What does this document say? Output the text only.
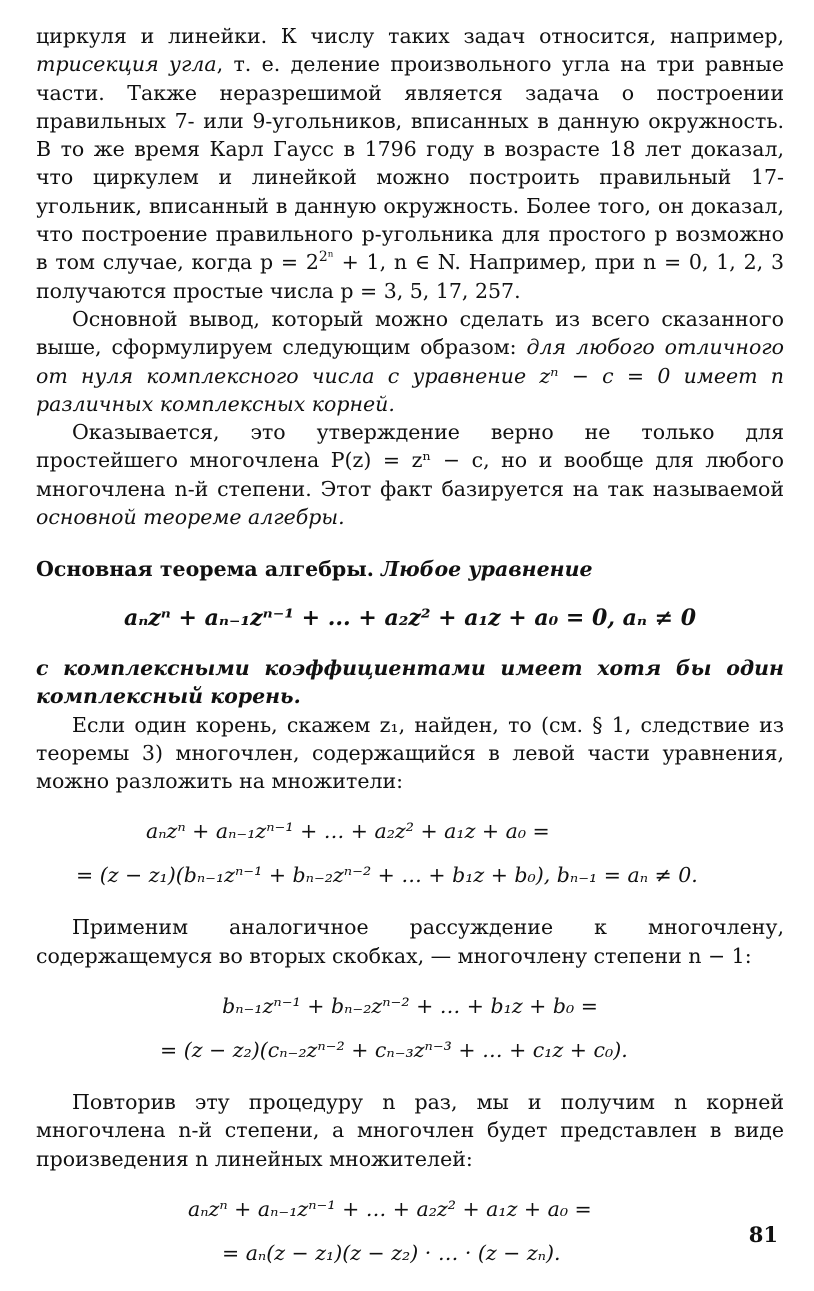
циркуля и линейки. К числу таких задач относится, например, трисекция угла, т. е. деление произвольного угла на три равные части. Также неразрешимой является задача о построении правильных 7- или 9-угольников, вписанных в данную окружность. В то же время Карл Гаусс в 1796 году в возрасте 18 лет доказал, что циркулем и линейкой можно построить правильный 17-угольник, вписанный в данную окружность. Более того, он доказал, что построение правильного p-угольника для простого p возможно в том случае, когда $p = 2^{2^n} + 1$, n ∈ N. Например, при n = 0, 1, 2, 3 получаются простые числа p = 3, 5, 17, 257.

Основной вывод, который можно сделать из всего сказанного выше, сформулируем следующим образом: для любого отличного от нуля комплексного числа с уравнение zⁿ − c = 0 имеет n различных комплексных корней.

Оказывается, это утверждение верно не только для простейшего многочлена P(z) = zⁿ − c, но и вообще для любого многочлена n-й степени. Этот факт базируется на так называемой основной теореме алгебры.

Основная теорема алгебры. Любое уравнение

aₙzⁿ + aₙ₋₁zⁿ⁻¹ + ... + a₂z² + a₁z + a₀ = 0, aₙ ≠ 0

с комплексными коэффициентами имеет хотя бы один комплексный корень.

Если один корень, скажем z₁, найден, то (см. § 1, следствие из теоремы 3) многочлен, содержащийся в левой части уравнения, можно разложить на множители:

aₙzⁿ + aₙ₋₁zⁿ⁻¹ + … + a₂z² + a₁z + a₀ =

= (z − z₁)(bₙ₋₁zⁿ⁻¹ + bₙ₋₂zⁿ⁻² + … + b₁z + b₀), bₙ₋₁ = aₙ ≠ 0.

Применим аналогичное рассуждение к многочлену, содержащемуся во вторых скобках, — многочлену степени n − 1:

bₙ₋₁zⁿ⁻¹ + bₙ₋₂zⁿ⁻² + … + b₁z + b₀ =

= (z − z₂)(cₙ₋₂zⁿ⁻² + cₙ₋₃zⁿ⁻³ + … + c₁z + c₀).

Повторив эту процедуру n раз, мы и получим n корней многочлена n-й степени, а многочлен будет представлен в виде произведения n линейных множителей:

aₙzⁿ + aₙ₋₁zⁿ⁻¹ + … + a₂z² + a₁z + a₀ =

= aₙ(z − z₁)(z − z₂) · … · (z − zₙ).

81
